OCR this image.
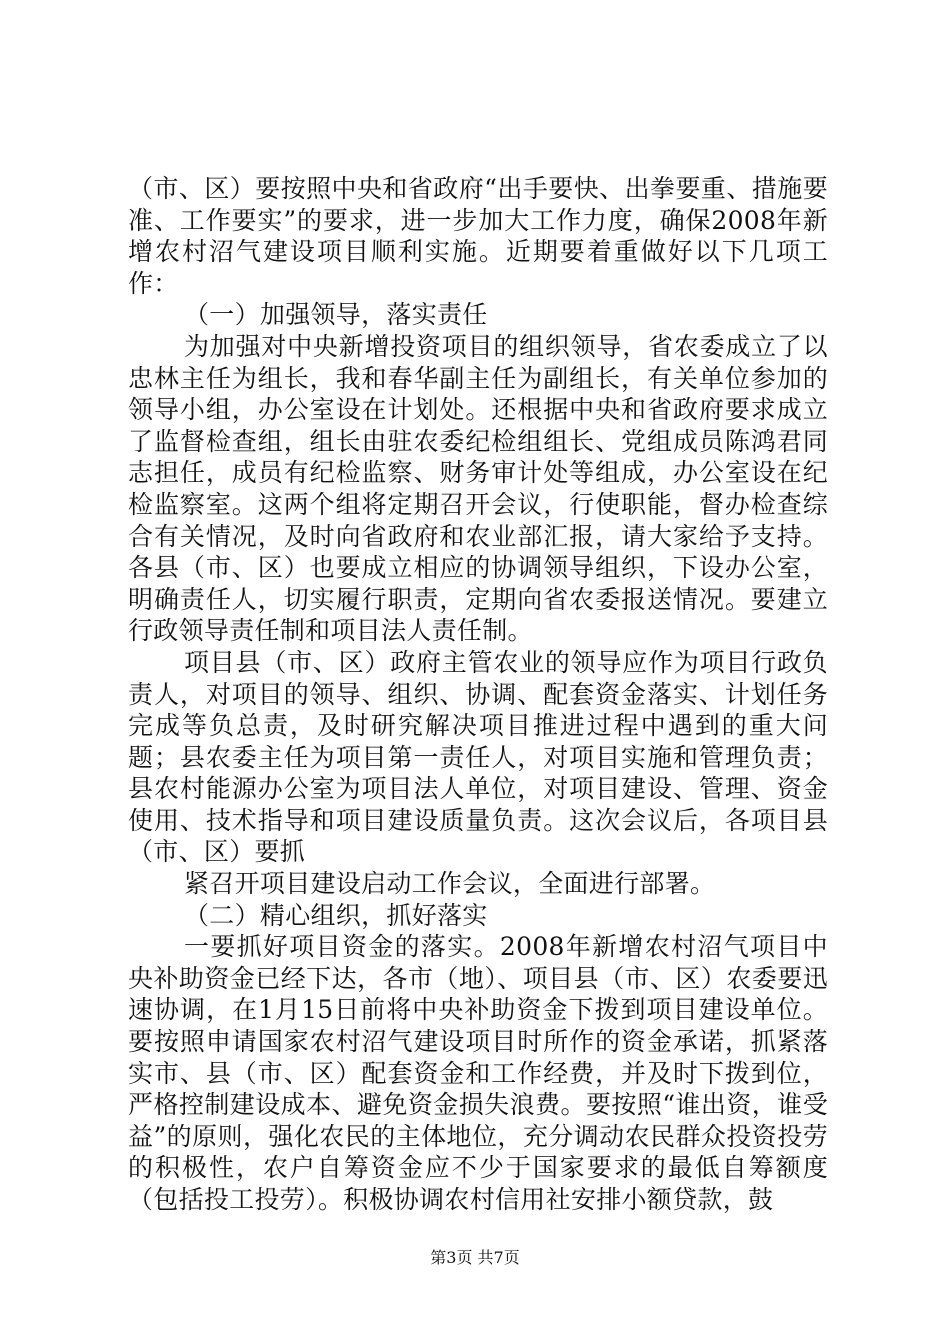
（市、区）要按照中央和省政府“出手要快、出拳要重、措施要准、工作要实”的要求，进一步加大工作力度，确保2008年新增农村沼气建设项目顺利实施。近期要着重做好以下几项工作：

（一）加强领导，落实责任

为加强对中央新增投资项目的组织领导，省农委成立了以忠林主任为组长，我和春华副主任为副组长，有关单位参加的领导小组，办公室设在计划处。还根据中央和省政府要求成立了监督检查组，组长由驻农委纪检组组长、党组成员陈鸿君同志担任，成员有纪检监察、财务审计处等组成，办公室设在纪检监察室。这两个组将定期召开会议，行使职能，督办检查综合有关情况，及时向省政府和农业部汇报，请大家给予支持。各县（市、区）也要成立相应的协调领导组织，下设办公室，明确责任人，切实履行职责，定期向省农委报送情况。要建立行政领导责任制和项目法人责任制。

项目县（市、区）政府主管农业的领导应作为项目行政负责人，对项目的领导、组织、协调、配套资金落实、计划任务完成等负总责，及时研究解决项目推进过程中遇到的重大问题；县农委主任为项目第一责任人，对项目实施和管理负责；县农村能源办公室为项目法人单位，对项目建设、管理、资金使用、技术指导和项目建设质量负责。这次会议后，各项目县（市、区）要抓

紧召开项目建设启动工作会议，全面进行部署。

（二）精心组织，抓好落实

一要抓好项目资金的落实。2008年新增农村沼气项目中央补助资金已经下达，各市（地）、项目县（市、区）农委要迅速协调，在1月15日前将中央补助资金下拨到项目建设单位。要按照申请国家农村沼气建设项目时所作的资金承诺，抓紧落实市、县（市、区）配套资金和工作经费，并及时下拨到位，严格控制建设成本、避免资金损失浪费。要按照“谁出资，谁受益”的原则，强化农民的主体地位，充分调动农民群众投资投劳的积极性，农户自筹资金应不少于国家要求的最低自筹额度（包括投工投劳）。积极协调农村信用社安排小额贷款，鼓

第3页 共7页
